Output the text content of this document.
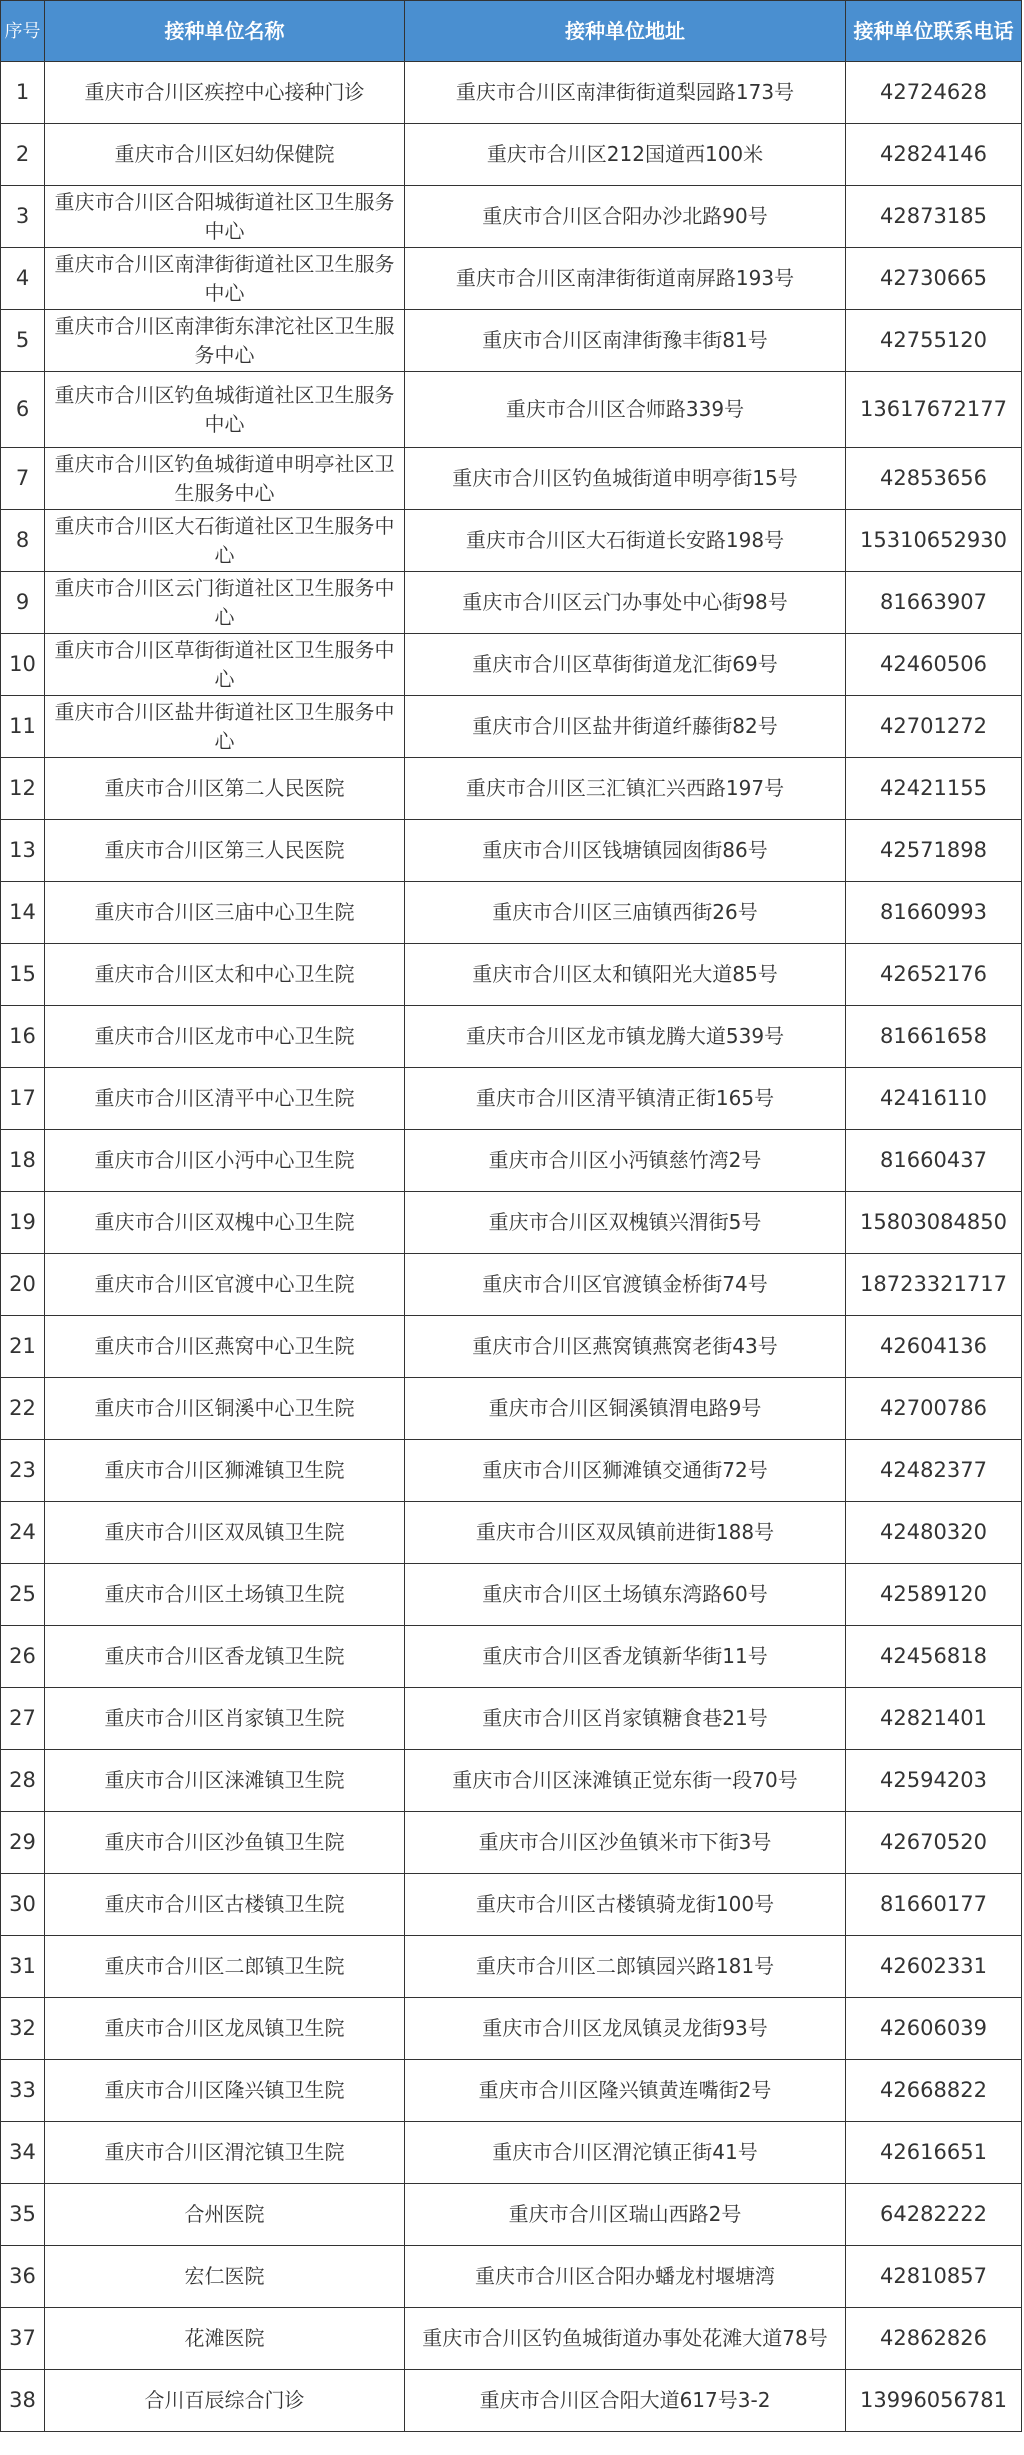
序号	接种单位名称	接种单位地址	接种单位联系电话
1	重庆市合川区疾控中心接种门诊	重庆市合川区南津街街道梨园路173号	42724628
2	重庆市合川区妇幼保健院	重庆市合川区212国道西100米	42824146
3	重庆市合川区合阳城街道社区卫生服务中心	重庆市合川区合阳办沙北路90号	42873185
4	重庆市合川区南津街街道社区卫生服务中心	重庆市合川区南津街街道南屏路193号	42730665
5	重庆市合川区南津街东津沱社区卫生服务中心	重庆市合川区南津街豫丰街81号	42755120
6	重庆市合川区钓鱼城街道社区卫生服务中心	重庆市合川区合师路339号	13617672177
7	重庆市合川区钓鱼城街道申明亭社区卫生服务中心	重庆市合川区钓鱼城街道申明亭街15号	42853656
8	重庆市合川区大石街道社区卫生服务中心	重庆市合川区大石街道长安路198号	15310652930
9	重庆市合川区云门街道社区卫生服务中心	重庆市合川区云门办事处中心街98号	81663907
10	重庆市合川区草街街道社区卫生服务中心	重庆市合川区草街街道龙汇街69号	42460506
11	重庆市合川区盐井街道社区卫生服务中心	重庆市合川区盐井街道纤藤街82号	42701272
12	重庆市合川区第二人民医院	重庆市合川区三汇镇汇兴西路197号	42421155
13	重庆市合川区第三人民医院	重庆市合川区钱塘镇园囱街86号	42571898
14	重庆市合川区三庙中心卫生院	重庆市合川区三庙镇西街26号	81660993
15	重庆市合川区太和中心卫生院	重庆市合川区太和镇阳光大道85号	42652176
16	重庆市合川区龙市中心卫生院	重庆市合川区龙市镇龙腾大道539号	81661658
17	重庆市合川区清平中心卫生院	重庆市合川区清平镇清正街165号	42416110
18	重庆市合川区小沔中心卫生院	重庆市合川区小沔镇慈竹湾2号	81660437
19	重庆市合川区双槐中心卫生院	重庆市合川区双槐镇兴渭街5号	15803084850
20	重庆市合川区官渡中心卫生院	重庆市合川区官渡镇金桥街74号	18723321717
21	重庆市合川区燕窝中心卫生院	重庆市合川区燕窝镇燕窝老街43号	42604136
22	重庆市合川区铜溪中心卫生院	重庆市合川区铜溪镇渭电路9号	42700786
23	重庆市合川区狮滩镇卫生院	重庆市合川区狮滩镇交通街72号	42482377
24	重庆市合川区双凤镇卫生院	重庆市合川区双凤镇前进街188号	42480320
25	重庆市合川区土场镇卫生院	重庆市合川区土场镇东湾路60号	42589120
26	重庆市合川区香龙镇卫生院	重庆市合川区香龙镇新华街11号	42456818
27	重庆市合川区肖家镇卫生院	重庆市合川区肖家镇糖食巷21号	42821401
28	重庆市合川区涞滩镇卫生院	重庆市合川区涞滩镇正觉东街一段70号	42594203
29	重庆市合川区沙鱼镇卫生院	重庆市合川区沙鱼镇米市下街3号	42670520
30	重庆市合川区古楼镇卫生院	重庆市合川区古楼镇骑龙街100号	81660177
31	重庆市合川区二郎镇卫生院	重庆市合川区二郎镇园兴路181号	42602331
32	重庆市合川区龙凤镇卫生院	重庆市合川区龙凤镇灵龙街93号	42606039
33	重庆市合川区隆兴镇卫生院	重庆市合川区隆兴镇黄连嘴街2号	42668822
34	重庆市合川区渭沱镇卫生院	重庆市合川区渭沱镇正街41号	42616651
35	合州医院	重庆市合川区瑞山西路2号	64282222
36	宏仁医院	重庆市合川区合阳办蟠龙村堰塘湾	42810857
37	花滩医院	重庆市合川区钓鱼城街道办事处花滩大道78号	42862826
38	合川百辰综合门诊	重庆市合川区合阳大道617号3-2	13996056781
